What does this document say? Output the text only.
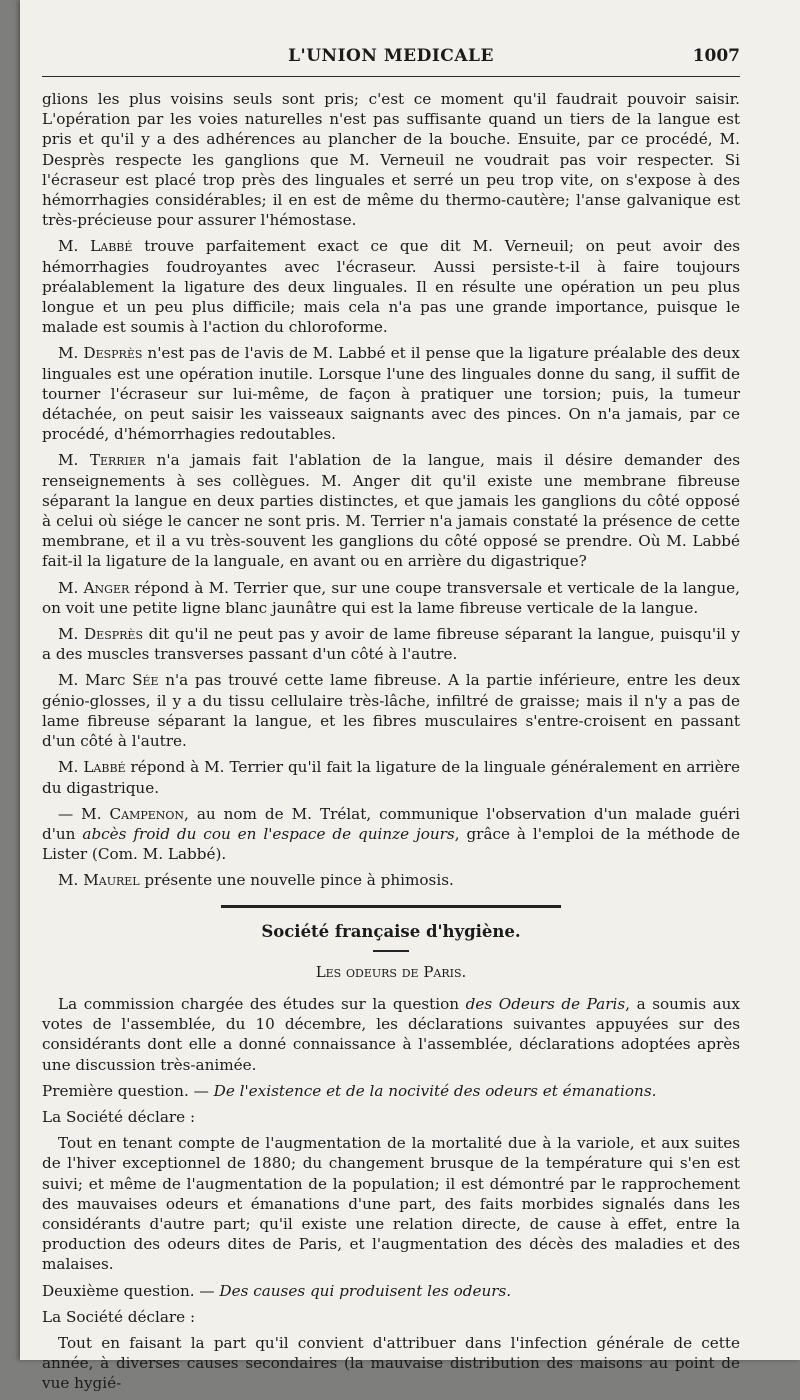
L'UNION MEDICALE	1007

glions les plus voisins seuls sont pris; c'est ce moment qu'il faudrait pouvoir saisir. L'opération par les voies naturelles n'est pas suffisante quand un tiers de la langue est pris et qu'il y a des adhérences au plancher de la bouche. Ensuite, par ce procédé, M. Desprès respecte les ganglions que M. Verneuil ne voudrait pas voir respecter. Si l'écraseur est placé trop près des linguales et serré un peu trop vite, on s'expose à des hémorrhagies considérables; il en est de même du thermo-cautère; l'anse galvanique est très-précieuse pour assurer l'hémostase.

M. Labbé trouve parfaitement exact ce que dit M. Verneuil; on peut avoir des hémorrhagies foudroyantes avec l'écraseur. Aussi persiste-t-il à faire toujours préalablement la ligature des deux linguales. Il en résulte une opération un peu plus longue et un peu plus difficile; mais cela n'a pas une grande importance, puisque le malade est soumis à l'action du chloroforme.

M. Desprès n'est pas de l'avis de M. Labbé et il pense que la ligature préalable des deux linguales est une opération inutile. Lorsque l'une des linguales donne du sang, il suffit de tourner l'écraseur sur lui-même, de façon à pratiquer une torsion; puis, la tumeur détachée, on peut saisir les vaisseaux saignants avec des pinces. On n'a jamais, par ce procédé, d'hémorrhagies redoutables.

M. Terrier n'a jamais fait l'ablation de la langue, mais il désire demander des renseignements à ses collègues. M. Anger dit qu'il existe une membrane fibreuse séparant la langue en deux parties distinctes, et que jamais les ganglions du côté opposé à celui où siége le cancer ne sont pris. M. Terrier n'a jamais constaté la présence de cette membrane, et il a vu très-souvent les ganglions du côté opposé se prendre. Où M. Labbé fait-il la ligature de la languale, en avant ou en arrière du digastrique?

M. Anger répond à M. Terrier que, sur une coupe transversale et verticale de la langue, on voit une petite ligne blanc jaunâtre qui est la lame fibreuse verticale de la langue.

M. Desprès dit qu'il ne peut pas y avoir de lame fibreuse séparant la langue, puisqu'il y a des muscles transverses passant d'un côté à l'autre.

M. Marc Sée n'a pas trouvé cette lame fibreuse. A la partie inférieure, entre les deux génio-glosses, il y a du tissu cellulaire très-lâche, infiltré de graisse; mais il n'y a pas de lame fibreuse séparant la langue, et les fibres musculaires s'entre-croisent en passant d'un côté à l'autre.

M. Labbé répond à M. Terrier qu'il fait la ligature de la linguale généralement en arrière du digastrique.

— M. Campenon, au nom de M. Trélat, communique l'observation d'un malade guéri d'un abcès froid du cou en l'espace de quinze jours, grâce à l'emploi de la méthode de Lister (Com. M. Labbé).

M. Maurel présente une nouvelle pince à phimosis.

Société française d'hygiène.
Les odeurs de Paris.

La commission chargée des études sur la question des Odeurs de Paris, a soumis aux votes de l'assemblée, du 10 décembre, les déclarations suivantes appuyées sur des considérants dont elle a donné connaissance à l'assemblée, déclarations adoptées après une discussion très-animée.

Première question. — De l'existence et de la nocivité des odeurs et émanations.

La Société déclare :

Tout en tenant compte de l'augmentation de la mortalité due à la variole, et aux suites de l'hiver exceptionnel de 1880; du changement brusque de la température qui s'en est suivi; et même de l'augmentation de la population; il est démontré par le rapprochement des mauvaises odeurs et émanations d'une part, des faits morbides signalés dans les considérants d'autre part; qu'il existe une relation directe, de cause à effet, entre la production des odeurs dites de Paris, et l'augmentation des décès des maladies et des malaises.

Deuxième question. — Des causes qui produisent les odeurs.

La Société déclare :

Tout en faisant la part qu'il convient d'attribuer dans l'infection générale de cette année, à diverses causes secondaires (la mauvaise distribution des maisons au point de vue hygié-
